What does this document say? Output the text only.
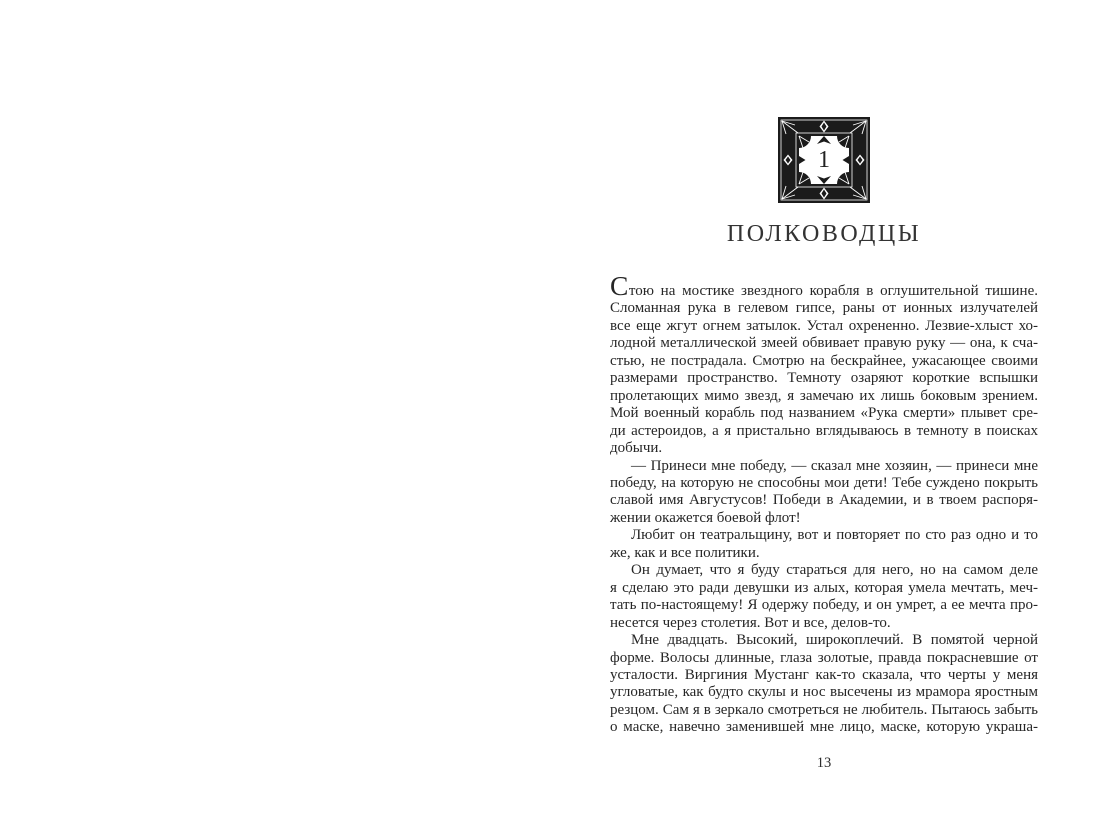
1
ПОЛКОВОДЦЫ
Стою на мостике звездного корабля в оглушительной тишине.
Сломанная рука в гелевом гипсе, раны от ионных излучателей
все еще жгут огнем затылок. Устал охрененно. Лезвие-хлыст хо-
лодной металлической змеей обвивает правую руку — она, к сча-
стью, не пострадала. Смотрю на бескрайнее, ужасающее своими
размерами пространство. Темноту озаряют короткие вспышки
пролетающих мимо звезд, я замечаю их лишь боковым зрением.
Мой военный корабль под названием «Рука смерти» плывет сре-
ди астероидов, а я пристально вглядываюсь в темноту в поисках
добычи.
— Принеси мне победу, — сказал мне хозяин, — принеси мне
победу, на которую не способны мои дети! Тебе суждено покрыть
славой имя Августусов! Победи в Академии, и в твоем распоря-
жении окажется боевой флот!
Любит он театральщину, вот и повторяет по сто раз одно и то
же, как и все политики.
Он думает, что я буду стараться для него, но на самом деле
я сделаю это ради девушки из алых, которая умела мечтать, меч-
тать по-настоящему! Я одержу победу, и он умрет, а ее мечта про-
несется через столетия. Вот и все, делов-то.
Мне двадцать. Высокий, широкоплечий. В помятой черной
форме. Волосы длинные, глаза золотые, правда покрасневшие от
усталости. Виргиния Мустанг как-то сказала, что черты у меня
угловатые, как будто скулы и нос высечены из мрамора яростным
резцом. Сам я в зеркало смотреться не любитель. Пытаюсь забыть
о маске, навечно заменившей мне лицо, маске, которую украша-
13
